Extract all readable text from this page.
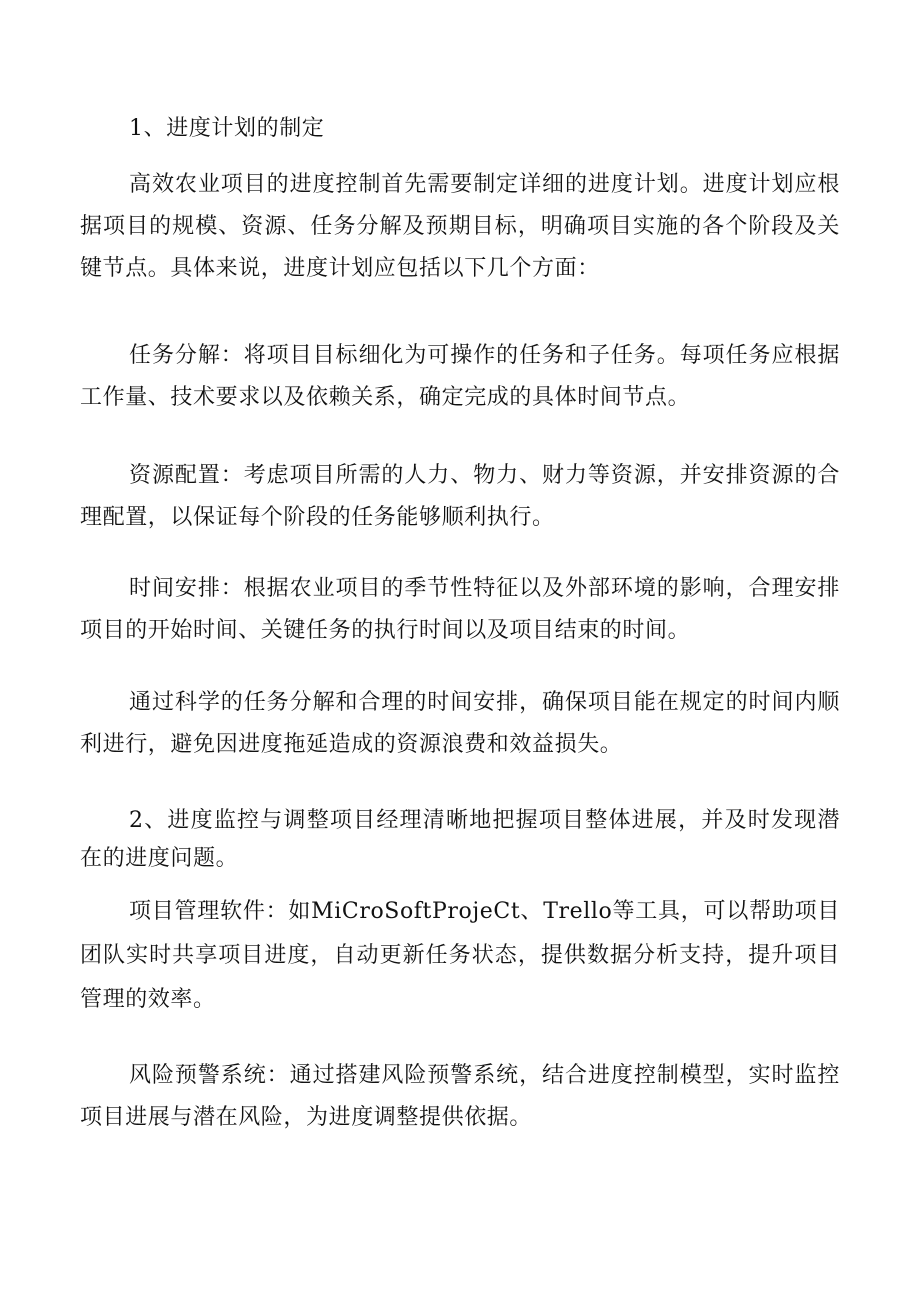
1、进度计划的制定

高效农业项目的进度控制首先需要制定详细的进度计划。进度计划应根据项目的规模、资源、任务分解及预期目标，明确项目实施的各个阶段及关键节点。具体来说，进度计划应包括以下几个方面：

任务分解：将项目目标细化为可操作的任务和子任务。每项任务应根据工作量、技术要求以及依赖关系，确定完成的具体时间节点。

资源配置：考虑项目所需的人力、物力、财力等资源，并安排资源的合理配置，以保证每个阶段的任务能够顺利执行。

时间安排：根据农业项目的季节性特征以及外部环境的影响，合理安排项目的开始时间、关键任务的执行时间以及项目结束的时间。

通过科学的任务分解和合理的时间安排，确保项目能在规定的时间内顺利进行，避免因进度拖延造成的资源浪费和效益损失。

2、进度监控与调整项目经理清晰地把握项目整体进展，并及时发现潜在的进度问题。

项目管理软件：如MiCroSoftProjeCt、Trello等工具，可以帮助项目团队实时共享项目进度，自动更新任务状态，提供数据分析支持，提升项目管理的效率。

风险预警系统：通过搭建风险预警系统，结合进度控制模型，实时监控项目进展与潜在风险，为进度调整提供依据。
